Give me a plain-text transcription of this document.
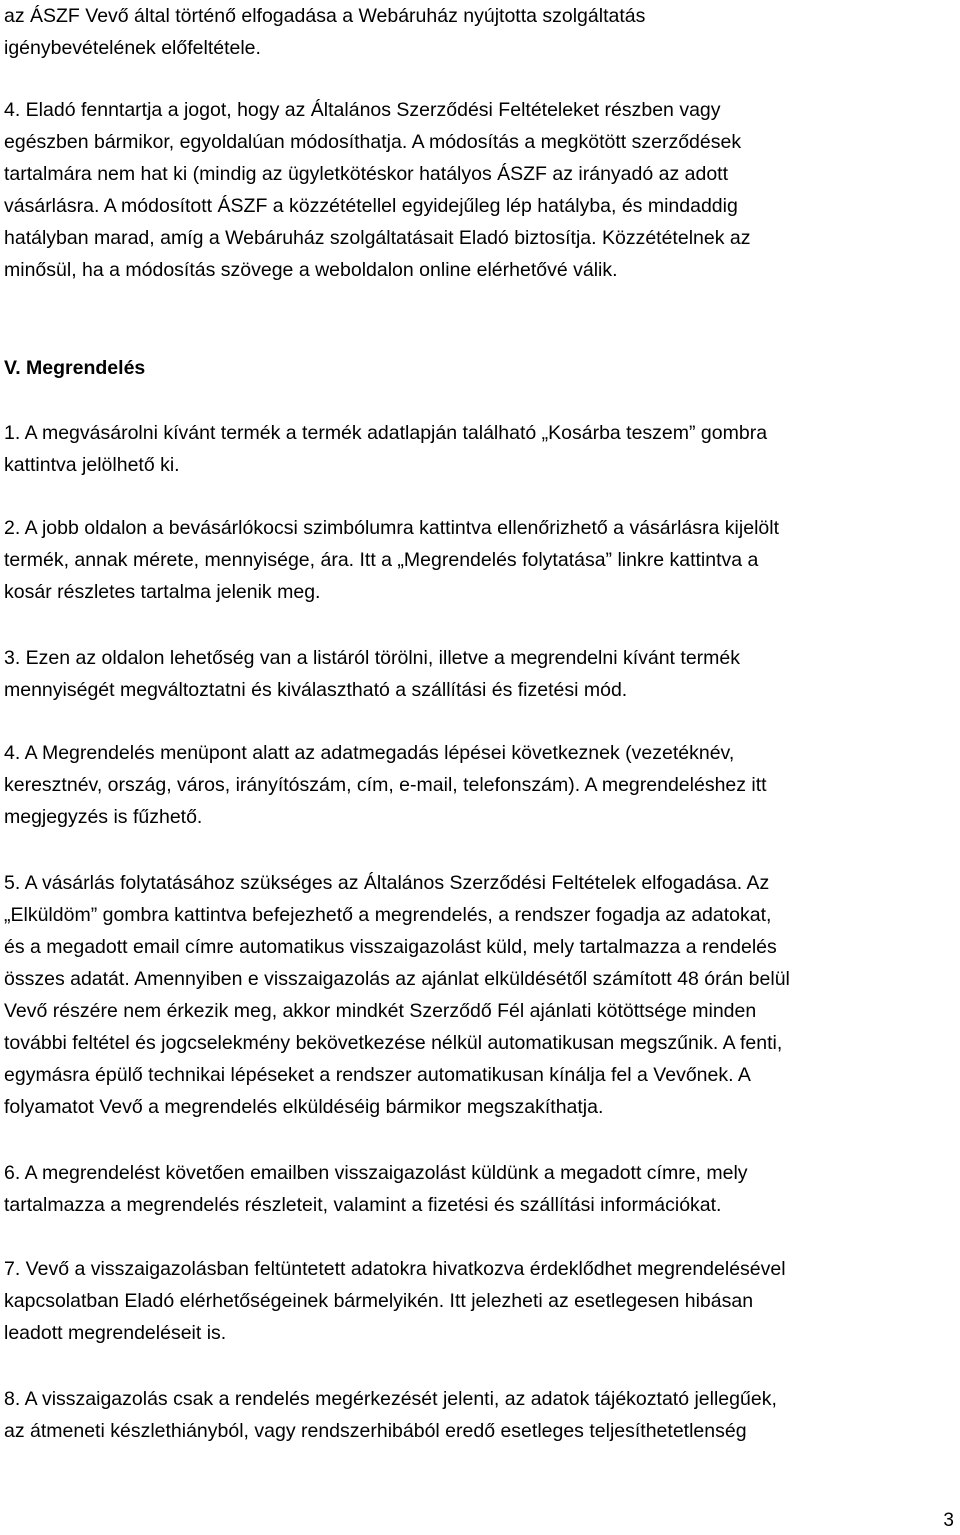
az ÁSZF Vevő által történő elfogadása a Webáruház nyújtotta szolgáltatás
igénybevételének előfeltétele.

4. Eladó fenntartja a jogot, hogy az Általános Szerződési Feltételeket részben vagy
egészben bármikor, egyoldalúan módosíthatja. A módosítás a megkötött szerződések
tartalmára nem hat ki (mindig az ügyletkötéskor hatályos ÁSZF az irányadó az adott
vásárlásra. A módosított ÁSZF a közzététellel egyidejűleg lép hatályba, és mindaddig
hatályban marad, amíg a Webáruház szolgáltatásait Eladó biztosítja. Közzétételnek az
minősül, ha a módosítás szövege a weboldalon online elérhetővé válik.

V. Megrendelés

1. A megvásárolni kívánt termék a termék adatlapján található „Kosárba teszem” gombra
kattintva jelölhető ki.

2. A jobb oldalon a bevásárlókocsi szimbólumra kattintva ellenőrizhető a vásárlásra kijelölt
termék, annak mérete, mennyisége, ára. Itt a „Megrendelés folytatása” linkre kattintva a
kosár részletes tartalma jelenik meg.

3. Ezen az oldalon lehetőség van a listáról törölni, illetve a megrendelni kívánt termék
mennyiségét megváltoztatni és kiválasztható a szállítási és fizetési mód.

4. A Megrendelés menüpont alatt az adatmegadás lépései következnek (vezetéknév,
keresztnév, ország, város, irányítószám, cím, e-mail, telefonszám). A megrendeléshez itt
megjegyzés is fűzhető.

5. A vásárlás folytatásához szükséges az Általános Szerződési Feltételek elfogadása. Az
„Elküldöm” gombra kattintva befejezhető a megrendelés, a rendszer fogadja az adatokat,
és a megadott email címre automatikus visszaigazolást küld, mely tartalmazza a rendelés
összes adatát. Amennyiben e visszaigazolás az ajánlat elküldésétől számított 48 órán belül
Vevő részére nem érkezik meg, akkor mindkét Szerződő Fél ajánlati kötöttsége minden
további feltétel és jogcselekmény bekövetkezése nélkül automatikusan megszűnik. A fenti,
egymásra épülő technikai lépéseket a rendszer automatikusan kínálja fel a Vevőnek. A
folyamatot Vevő a megrendelés elküldéséig bármikor megszakíthatja.

6. A megrendelést követően emailben visszaigazolást küldünk a megadott címre, mely
tartalmazza a megrendelés részleteit, valamint a fizetési és szállítási információkat.

7. Vevő a visszaigazolásban feltüntetett adatokra hivatkozva érdeklődhet megrendelésével
kapcsolatban Eladó elérhetőségeinek bármelyikén. Itt jelezheti az esetlegesen hibásan
leadott megrendeléseit is.

8. A visszaigazolás csak a rendelés megérkezését jelenti, az adatok tájékoztató jellegűek,
az átmeneti készlethiányból, vagy rendszerhibából eredő esetleges teljesíthetetlenség

3
